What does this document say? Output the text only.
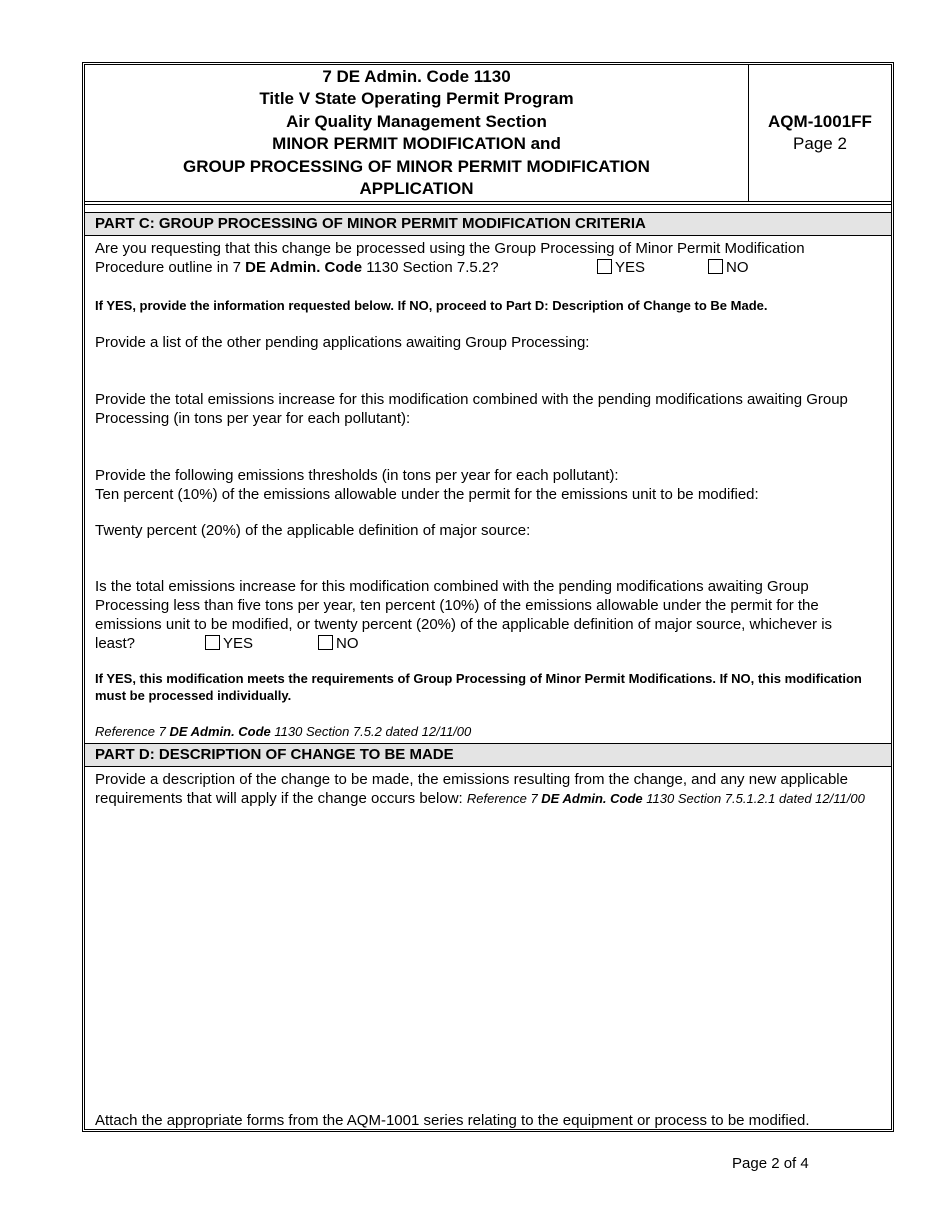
7 DE Admin. Code 1130
Title V State Operating Permit Program
Air Quality Management Section
MINOR PERMIT MODIFICATION and
GROUP PROCESSING OF MINOR PERMIT MODIFICATION
APPLICATION
AQM-1001FF
Page 2
PART C: GROUP PROCESSING OF MINOR PERMIT MODIFICATION CRITERIA
Are you requesting that this change be processed using the Group Processing of Minor Permit Modification
Procedure outline in 7 DE Admin. Code 1130 Section 7.5.2?	YES	NO
If YES, provide the information requested below. If NO, proceed to Part D: Description of Change to Be Made.
Provide a list of the other pending applications awaiting Group Processing:
Provide the total emissions increase for this modification combined with the pending modifications awaiting Group Processing (in tons per year for each pollutant):
Provide the following emissions thresholds (in tons per year for each pollutant):
Ten percent (10%) of the emissions allowable under the permit for the emissions unit to be modified:
Twenty percent (20%) of the applicable definition of major source:
Is the total emissions increase for this modification combined with the pending modifications awaiting Group
Processing less than five tons per year, ten percent (10%) of the emissions allowable under the permit for the
emissions unit to be modified, or twenty percent (20%) of the applicable definition of major source, whichever is
least?	YES	NO
If YES, this modification meets the requirements of Group Processing of Minor Permit Modifications. If NO, this modification must be processed individually.
Reference 7 DE Admin. Code 1130 Section 7.5.2 dated 12/11/00
PART D: DESCRIPTION OF CHANGE TO BE MADE
Provide a description of the change to be made, the emissions resulting from the change, and any new applicable requirements that will apply if the change occurs below: Reference 7 DE Admin. Code 1130 Section 7.5.1.2.1 dated 12/11/00
Attach the appropriate forms from the AQM-1001 series relating to the equipment or process to be modified.
Page 2 of 4
